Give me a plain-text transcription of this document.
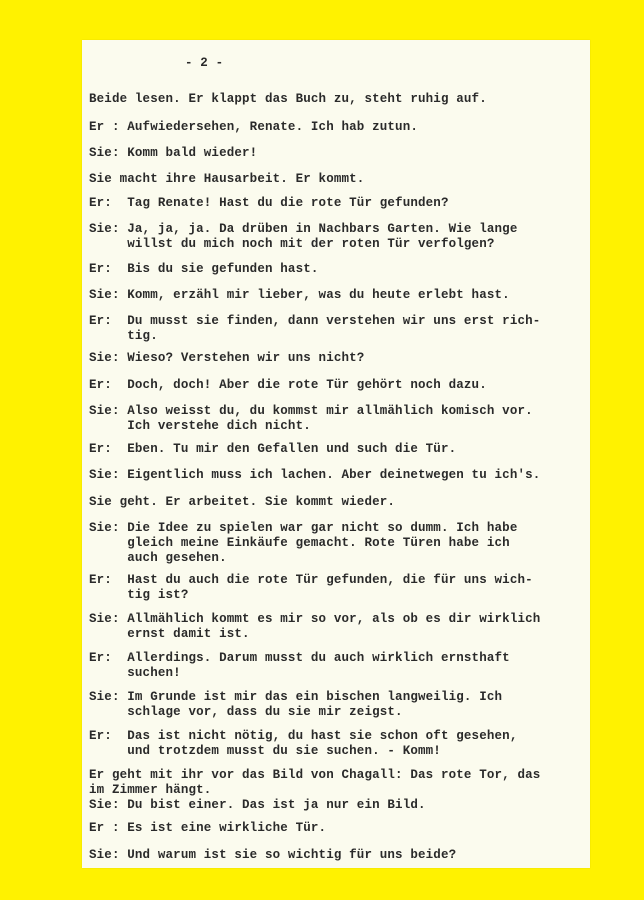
- 2 -
Beide lesen. Er klappt das Buch zu, steht ruhig auf.
Er : Aufwiedersehen, Renate. Ich hab zutun.
Sie: Komm bald wieder!
Sie macht ihre Hausarbeit. Er kommt.
Er:  Tag Renate! Hast du die rote Tür gefunden?
Sie: Ja, ja, ja. Da drüben in Nachbars Garten. Wie lange
willst du mich noch mit der roten Tür verfolgen?
Er:  Bis du sie gefunden hast.
Sie: Komm, erzähl mir lieber, was du heute erlebt hast.
Er:  Du musst sie finden, dann verstehen wir uns erst rich-
tig.
Sie: Wieso? Verstehen wir uns nicht?
Er:  Doch, doch! Aber die rote Tür gehört noch dazu.
Sie: Also weisst du, du kommst mir allmählich komisch vor.
Ich verstehe dich nicht.
Er:  Eben. Tu mir den Gefallen und such die Tür.
Sie: Eigentlich muss ich lachen. Aber deinetwegen tu ich's.
Sie geht. Er arbeitet. Sie kommt wieder.
Sie: Die Idee zu spielen war gar nicht so dumm. Ich habe
gleich meine Einkäufe gemacht. Rote Türen habe ich
auch gesehen.
Er:  Hast du auch die rote Tür gefunden, die für uns wich-
tig ist?
Sie: Allmählich kommt es mir so vor, als ob es dir wirklich
ernst damit ist.
Er:  Allerdings. Darum musst du auch wirklich ernsthaft
suchen!
Sie: Im Grunde ist mir das ein bischen langweilig. Ich
schlage vor, dass du sie mir zeigst.
Er:  Das ist nicht nötig, du hast sie schon oft gesehen,
und trotzdem musst du sie suchen. - Komm!
Er geht mit ihr vor das Bild von Chagall: Das rote Tor, das
im Zimmer hängt.
Sie: Du bist einer. Das ist ja nur ein Bild.
Er : Es ist eine wirkliche Tür.
Sie: Und warum ist sie so wichtig für uns beide?
